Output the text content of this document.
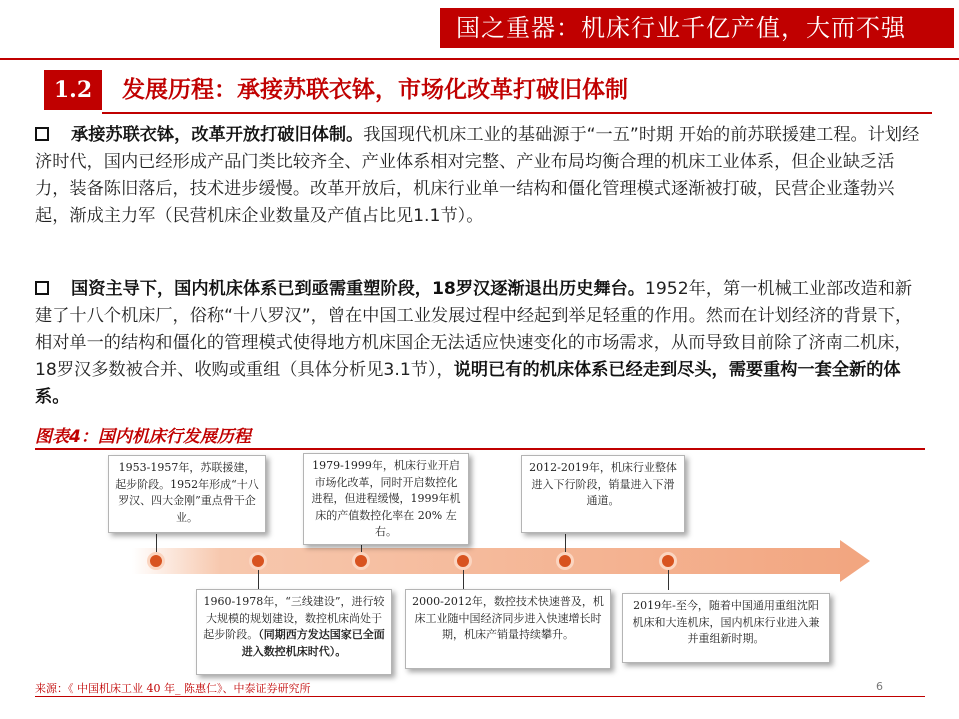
国之重器：机床行业千亿产值，大而不强
1.2	发展历程：承接苏联衣钵，市场化改革打破旧体制
承接苏联衣钵，改革开放打破旧体制。我国现代机床工业的基础源于“一五”时期 开始的前苏联援建工程。计划经济时代，国内已经形成产品门类比较齐全、产业体系相对完整、产业布局均衡合理的机床工业体系，但企业缺乏活力，装备陈旧落后，技术进步缓慢。改革开放后，机床行业单一结构和僵化管理模式逐渐被打破，民营企业蓬勃兴起，渐成主力军（民营机床企业数量及产值占比见1.1节）。
国资主导下，国内机床体系已到亟需重塑阶段，18罗汉逐渐退出历史舞台。1952年，第一机械工业部改造和新建了十八个机床厂，俗称“十八罗汉”，曾在中国工业发展过程中经起到举足轻重的作用。然而在计划经济的背景下，相对单一的结构和僵化的管理模式使得地方机床国企无法适应快速变化的市场需求，从而导致目前除了济南二机床，18罗汉多数被合并、收购或重组（具体分析见3.1节），说明已有的机床体系已经走到尽头，需要重构一套全新的体系。
图表4：国内机床行发展历程
1953-1957年，苏联援建，起步阶段。1952年形成“十八罗汉、四大金刚”重点骨干企业。
1960-1978年，“三线建设”，进行较大规模的规划建设，数控机床尚处于起步阶段。（同期西方发达国家已全面进入数控机床时代）。
1979-1999年，机床行业开启市场化改革，同时开启数控化进程，但进程缓慢，1999年机床的产值数控化率在 20% 左右。
2000-2012年，数控技术快速普及，机床工业随中国经济同步进入快速增长时期，机床产销量持续攀升。
2012-2019年，机床行业整体进入下行阶段，销量进入下滑通道。
2019年-至今，随着中国通用重组沈阳机床和大连机床，国内机床行业进入兼并重组新时期。
来源：《 中国机床工业 40 年_ 陈惠仁》、中泰证券研究所	6
